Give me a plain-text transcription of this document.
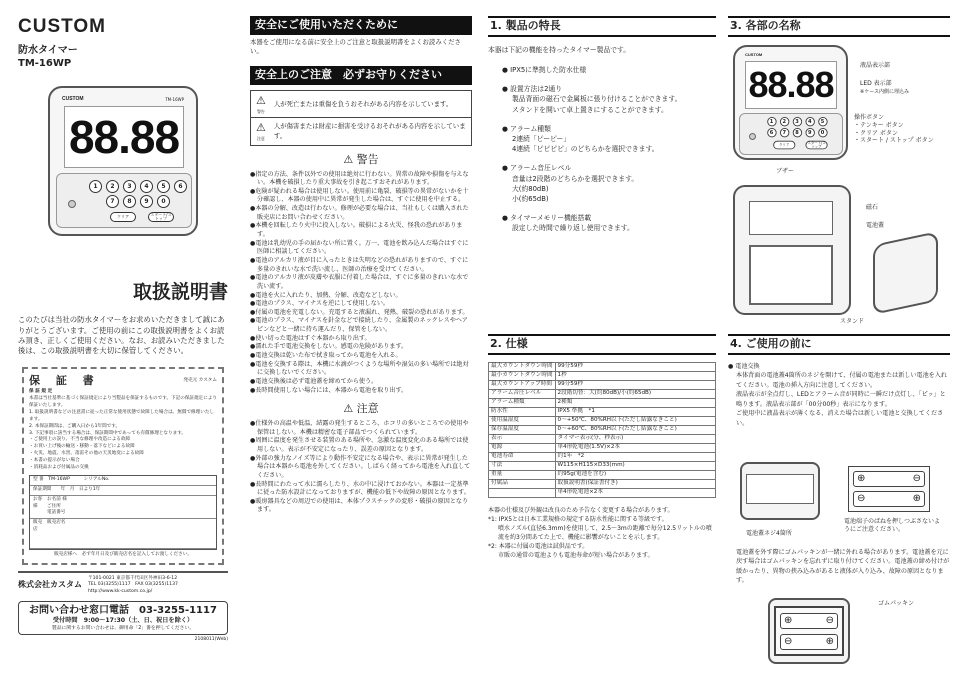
CUSTOM
防水タイマー
TM-16WP
CUSTOM	TM-16WP
88.88
1	2	3	4	5	6
7	8	9	0
クリア	スタート/ストップ
取扱説明書
このたびは当社の防水タイマーをお求めいただきまして誠にありがとうございます。ご使用の前にこの取扱説明書をよくお読み頂き、正しくご使用ください。なお、お読みいただきました後は、この取扱説明書を大切に保管してください。
保 証 書	発売元 カスタム
保 証 規 定
本書は当社基準に基づく保証規定により当製品を保証するものです。下記の保証規定により保証いたします。
1. 取扱説明書などの注意書に従った正常な使用状態で故障した場合は、無償で修理いたします。
2. 本保証期間は、ご購入日から1年間です。
3. 下記事項に該当する場合は、保証期間中であっても有償修理となります。
・ご使用上の誤り、不当な修理や改造による故障
・お買い上げ後の輸送・移動・落下などによる故障
・火災、地震、水害、落雷その他の天災地変による故障
・本書の提示がない場合
・消耗品および付属品の交換
型 番　 TM-16WP　　　	シリアルNo.
保証期間　　 年　月　日より1年
お客様
お名前 様
ご住所
電話番号
販売店
販売店名
販売店様へ　必ず年月日及び販売店名を記入してお渡しください。
株式会社カスタム
〒101-0021 東京都千代田区外神田3-6-12
TEL 03(3255)1117　FAX 03(3255)1137
http://www.kk-custom.co.jp/
お問い合わせ窓口電話　03-3255-1117
受付時間　9:00〜17:30（土、日、祝日を除く）
製品に関するお問い合わせは、御用命「2」番を押してください。
2108011(Web)
安全にご使用いただくために
本器をご使用になる前に安全上のご注意と取扱説明書をよくお読みください。
安全上のご注意　必ずお守りください
⚠
警告
人が死亡または重傷を負うおそれがある内容を示しています。
⚠
注意
人が傷害または財産に損害を受けるおそれがある内容を示しています。
⚠ 警告
● 指定の方法、条件以外での使用は絶対に行わない。異常の故障や損傷を与えない。本機を破損したり重大事故を引き起こすおそれがあります。
● 危険が疑われる場合は使用しない。使用前に亀裂、破損等の異常がないかを十分確認し、本器の使用中に異常が発生した場合は、すぐに使用を中止する。
● 本器の分解、改造は行わない。修理が必要な場合は、当社もしくは購入された販売店にお問い合わせください。
● 本機を回転したり火中に投入しない。破損による火災、怪我の恐れがあります。
● 電池は乳幼児の手の届かない所に置く。万一、電池を飲み込んだ場合はすぐに医師に相談してください。
● 電池のアルカリ液が目に入ったときは失明などの恐れがありますので、すぐに多量のきれいな水で洗い流し、医師の治療を受けてください。
● 電池のアルカリ液が皮膚や衣服に付着した場合は、すぐに多量のきれいな水で洗い流す。
● 電池を火に入れたり、加熱、分解、改造などしない。
● 電池のプラス、マイナスを逆にして使用しない。
● 付属の電池を充電しない。充電すると液漏れ、発熱、破裂の恐れがあります。
● 電池のプラス、マイナスを針金などで接続したり、金属製のネックレスやヘアピンなどと一緒に持ち運んだり、保管をしない。
● 使い切った電池はすぐ本器から取り出す。
● 濡れた手で電池交換をしない。感電の危険があります。
● 電池交換は乾いた布で拭き取ってから電池を入れる。
● 電池を交換する際は、本機に水滴がつくような場所や湿気の多い場所では絶対に交換しないでください。
● 電池交換後は必ず電池蓋を締めてから使う。
● 長時間使用しない場合には、本器から電池を取り出す。
⚠ 注意
● 仕様外の高温や低温、結露の発生するところ、ホコリの多いところでの使用や保管はしない。本機は精密な電子部品でつくられています。
● 周囲に温度を発生させる装置のある場所や、急激な温度変化のある場所では使用しない。表示が不安定になったり、誤差の原因となります。
● 外部の強力なノイズ等により動作不安定になる場合や、表示に異常が発生した場合は本器から電池を外してください。しばらく経ってから電池を入れ直してください。
● 長時間にわたって水に濡らしたり、水の中に浸けておかない。本器は一定基準に従った防水設計になっておりますが、機能の低下や故障の原因となります。
● 暖房器具などの周辺での使用は、本体プラスチックの変形・破損の原因となります。
1. 製品の特長
本器は下記の機能を持ったタイマー製品です。
● IPX5に準拠した防水仕様
● 設置方法は2通り
製品背面の磁石で金属板に張り付けることができます。
スタンドを開いて卓上置きにすることができます。
● アラーム種類
2連続「ピーピー」
4連続「ピピピピ」のどちらかを選択できます。
● アラーム音圧レベル
音量は2段階のどちらかを選択できます。
大(約80dB)
小(約65dB)
● タイマーメモリー機能搭載
設定した時間で繰り返し使用できます。
2. 仕様
最大カウントダウン時間	99分59秒
最小カウントダウン時間	1秒
最大カウントアップ時間	99分59秒
アラーム音圧レベル	2段階切替：大(約80dB)/小(約65dB)
アラーム種類	2種類
防水性	IPX5 準拠　*1
使用温湿度	0〜+50℃、80%RH以下(ただし結露なきこと)
保存温湿度	0〜+60℃、80%RH以下(ただし結露なきこと)
表示	タイマー表示(分、秒表示)
電源	単4形乾電池(1.5V)×2本
電池寿命	約1年　*2
寸法	W115×H115×D33(mm)
重量	約95g(電池を含む)
付属品	取扱説明書(保証書付き)
	単4形乾電池×2本
本器の仕様及び外観は改良のため予告なく変更する場合があります。
*1: IPX5とは日本工業規格の規定する防水性能に関する等級です。
噴水ノズル(直径6.3mm)を使用して、2.5〜3mの距離で毎分12.5リットルの噴流を約3分間あてた上で、機能に影響がないことを示します。
*2: 本器に付属の電池は試供品です。
市販の通常の電池よりも電池寿命が短い場合があります。
3. 各部の名称
CUSTOM
88.88
1	2	3	4	5
6	7	8	9	0
クリア	スタート/ストップ
液晶表示部
LED 表示部
※ケース内側に埋込み
操作ボタン
・テンキー ボタン
・クリア ボタン
・スタート / ストップ ボタン
ブザー
磁石
電池蓋
スタンド
4. ご使用の前に
● 電池交換
本体背面の電池蓋4箇所のネジを開けて、付属の電池または新しい電池を入れてください。電池の挿入方向に注意してください。
液晶表示が全点灯し、LEDとアラーム音が同時に一瞬だけ点灯し、「ピッ」と鳴ります。液晶表示部が「00分00秒」表示になります。
ご使用中に液晶表示が薄くなる、消えた場合は新しい電池と交換してください。
電池蓋ネジ4箇所
⊕	⊖
⊖	⊕
電池端子のばねを押しつぶさないようにご注意ください。
電池蓋を外す際にゴムパッキンが一緒に外れる場合があります。電池蓋を元に戻す場合はゴムパッキンを忘れずに取り付けてください。電池蓋の締め付けが緩かったり、異物の挟み込みがあると液体が入り込み、故障の原因となります。
⊕	⊖
⊖	⊕
ゴムパッキン
